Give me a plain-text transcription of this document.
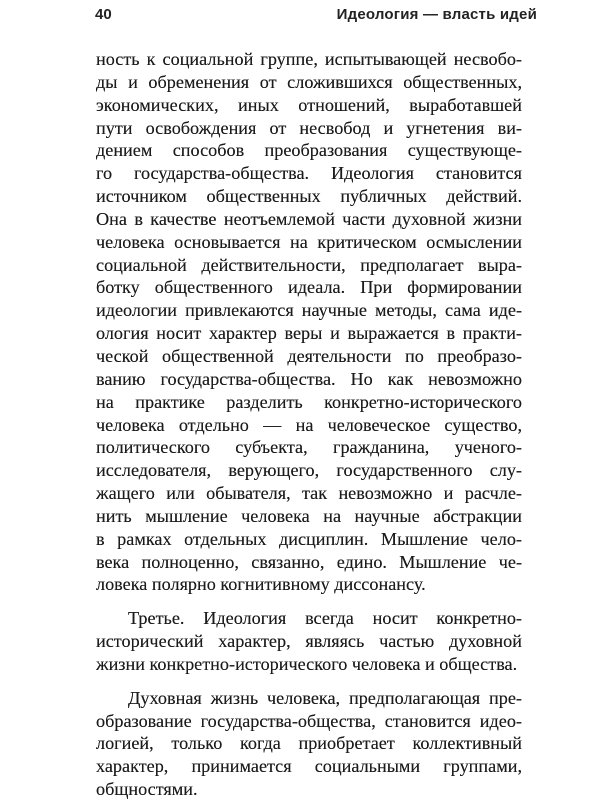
40	Идеология — власть идей
ность к социальной группе, испытывающей несвобо-
ды и обременения от сложившихся общественных,
экономических, иных отношений, выработавшей
пути освобождения от несвобод и угнетения ви-
дением способов преобразования существующе-
го государства-общества. Идеология становится
источником общественных публичных действий.
Она в качестве неотъемлемой части духовной жизни
человека основывается на критическом осмыслении
социальной действительности, предполагает выра-
ботку общественного идеала. При формировании
идеологии привлекаются научные методы, сама иде-
ология носит характер веры и выражается в практи-
ческой общественной деятельности по преобразо-
ванию государства-общества. Но как невозможно
на практике разделить конкретно-исторического
человека отдельно — на человеческое существо,
политического субъекта, гражданина, ученого-
исследователя, верующего, государственного слу-
жащего или обывателя, так невозможно и расчле-
нить мышление человека на научные абстракции
в рамках отдельных дисциплин. Мышление чело-
века полноценно, связанно, едино. Мышление че-
ловека полярно когнитивному диссонансу.
Третье. Идеология всегда носит конкретно-
исторический характер, являясь частью духовной
жизни конкретно-исторического человека и общества.
Духовная жизнь человека, предполагающая пре-
образование государства-общества, становится идео-
логией, только когда приобретает коллективный
характер, принимается социальными группами,
общностями.
